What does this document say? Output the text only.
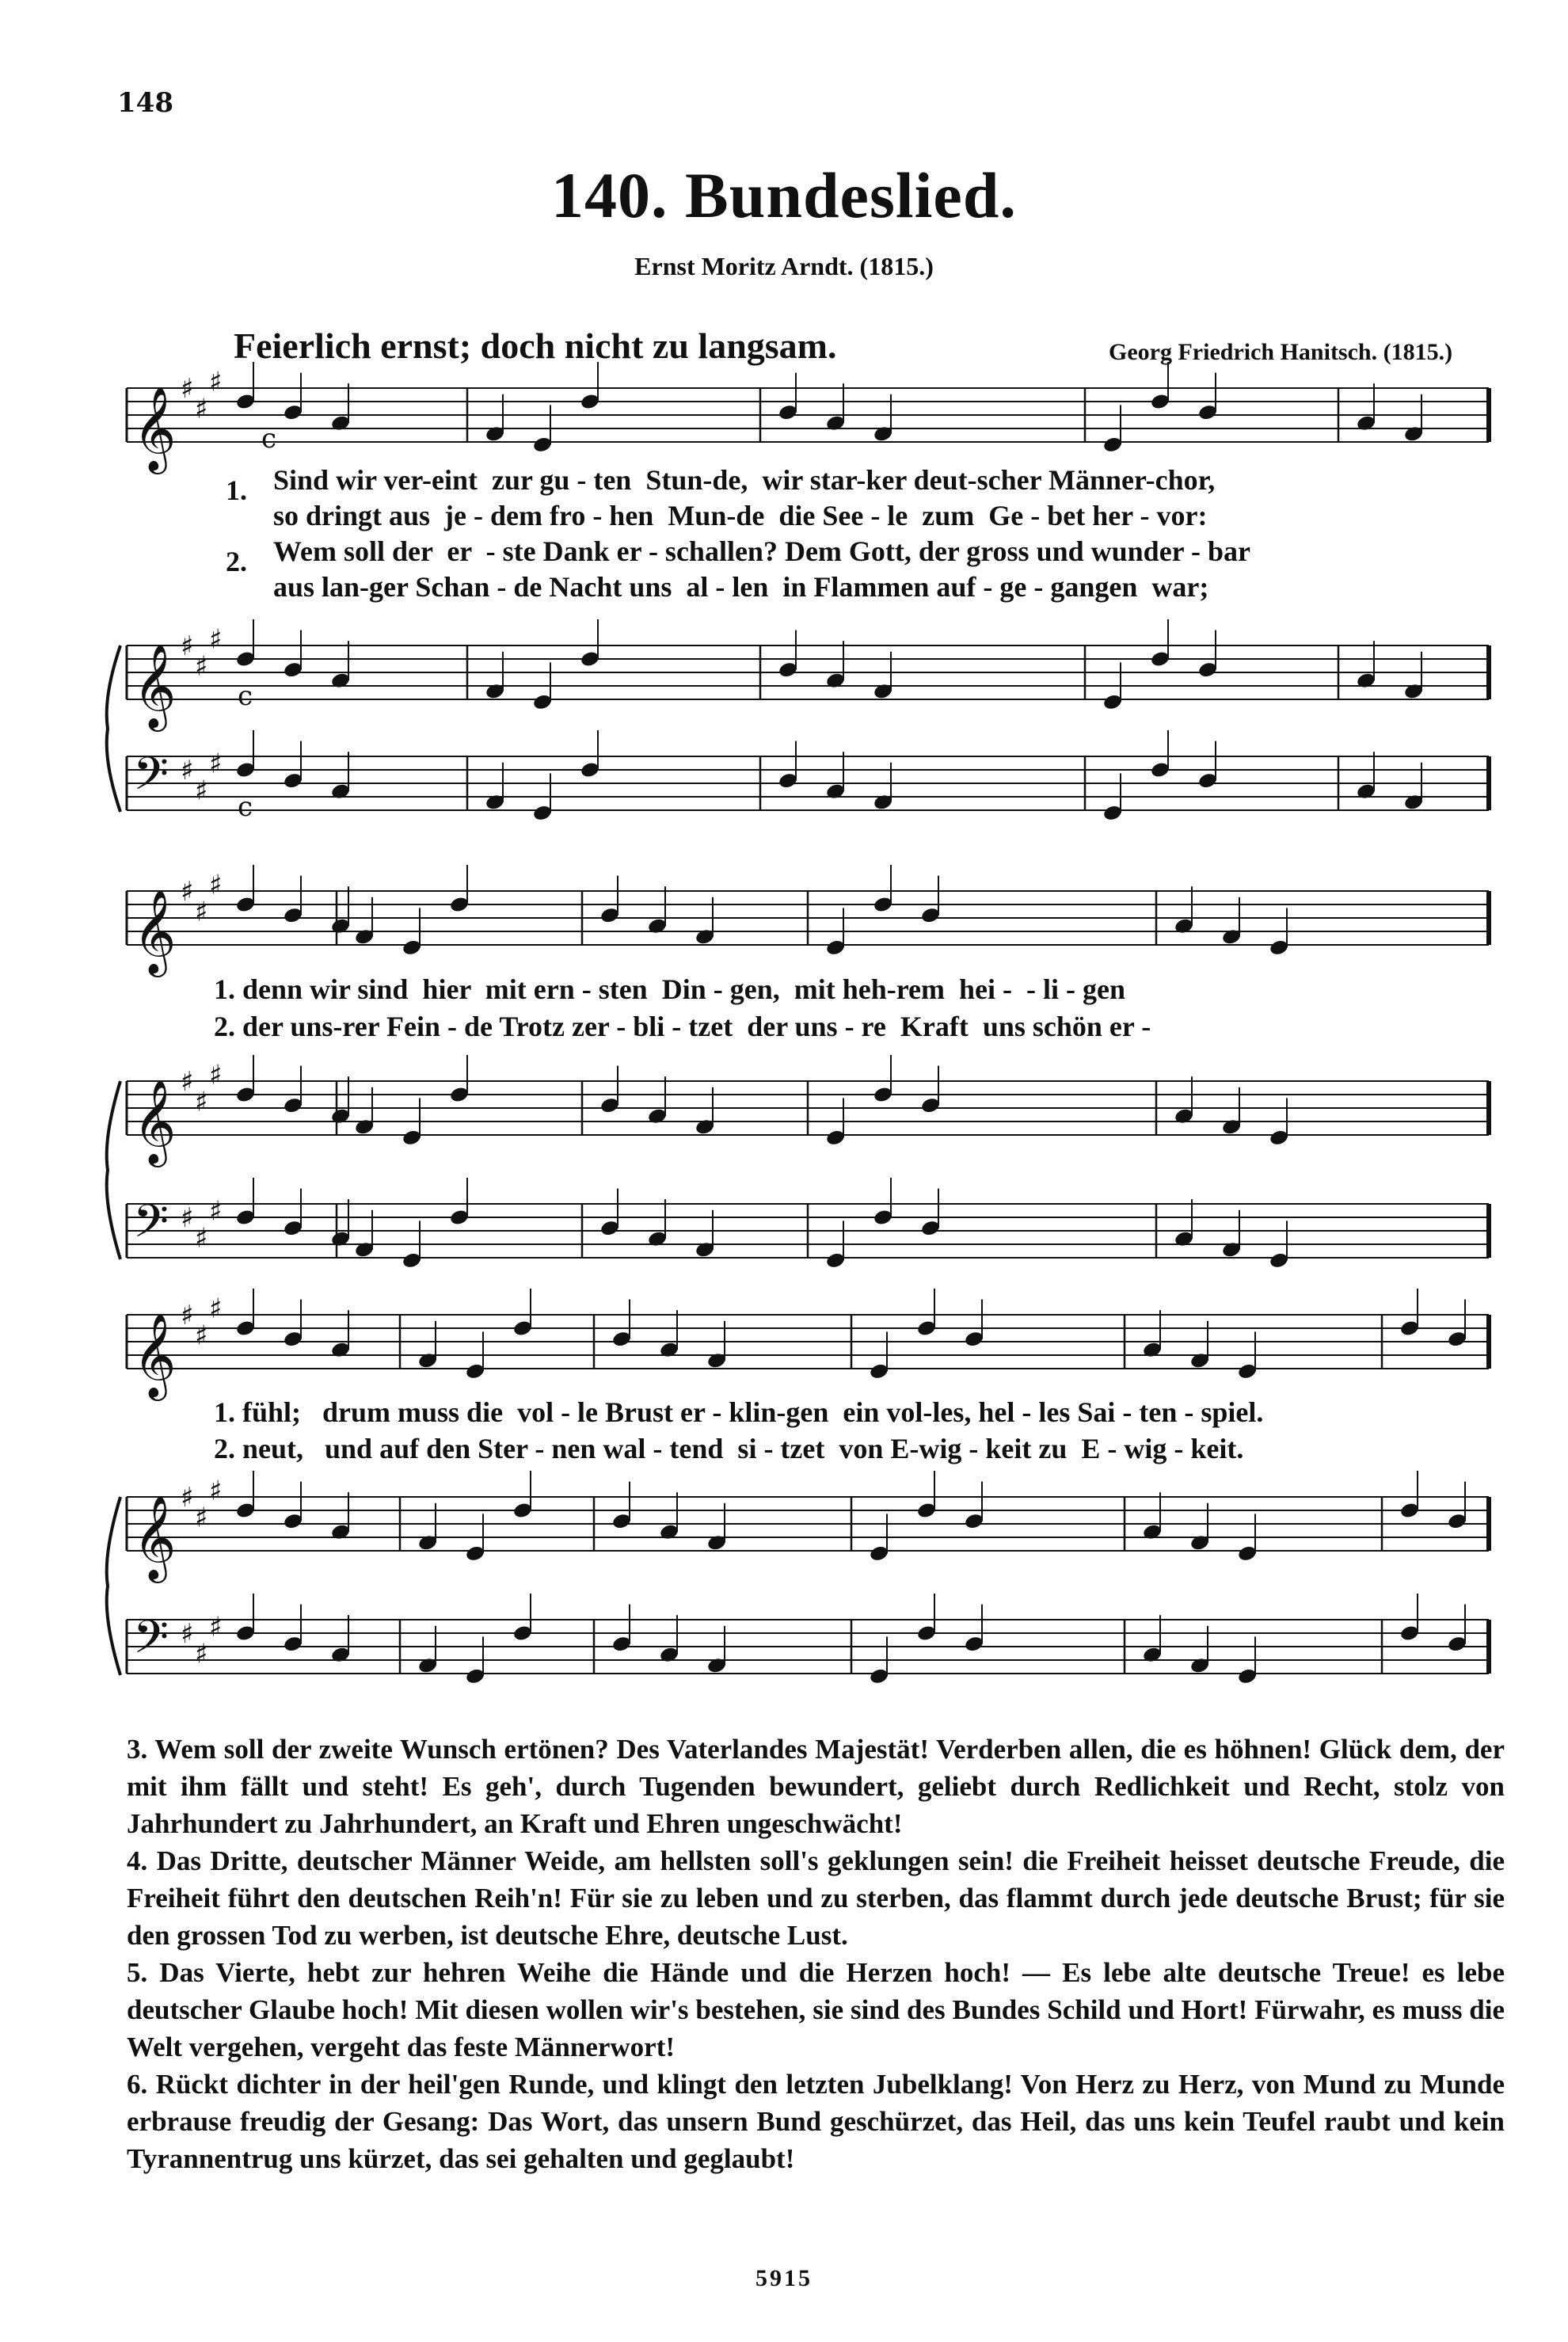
148
140. Bundeslied.
Ernst Moritz Arndt. (1815.)
Feierlich ernst; doch nicht zu langsam.	Georg Friedrich Hanitsch. (1815.)
𝄞 ♯
♯
♯
𝄞 ♯
♯
♯
𝄢 ♯
♯
♯
c
c
c
𝄞 ♯
♯
♯
𝄞 ♯
♯
♯
𝄢 ♯
♯
♯
𝄞 ♯
♯
♯
𝄞 ♯
♯
♯
𝄢 ♯
♯
♯
1.
2.
Sind wir ver-eint  zur gu - ten  Stun-de,  wir star-ker deut-scher Männer-chor,
so dringt aus  je - dem fro - hen  Mun-de  die See - le  zum  Ge - bet her - vor:
Wem soll der  er  - ste Dank er - schallen? Dem Gott, der gross und wunder - bar
aus lan-ger Schan - de Nacht uns  al - len  in Flammen auf - ge - gangen  war;
1. denn wir sind  hier  mit ern - sten  Din - gen,  mit heh-rem  hei -  - li - gen
2. der uns-rer Fein - de Trotz zer - bli - tzet  der uns - re  Kraft  uns schön er -
1. fühl;   drum muss die  vol - le Brust er - klin-gen  ein vol-les, hel - les Sai - ten - spiel.
2. neut,   und auf den Ster - nen wal - tend  si - tzet  von E-wig - keit zu  E - wig - keit.

3. Wem soll der zweite Wunsch ertönen? Des Vaterlandes Majestät! Verderben allen, die es höhnen! Glück dem, der mit ihm fällt und steht! Es geh', durch Tugenden bewundert, geliebt durch Redlichkeit und Recht, stolz von Jahrhundert zu Jahrhundert, an Kraft und Ehren ungeschwächt!

4. Das Dritte, deutscher Männer Weide, am hellsten soll's geklungen sein! die Freiheit heisset deutsche Freude, die Freiheit führt den deutschen Reih'n! Für sie zu leben und zu sterben, das flammt durch jede deutsche Brust; für sie den grossen Tod zu werben, ist deutsche Ehre, deutsche Lust.

5. Das Vierte, hebt zur hehren Weihe die Hände und die Herzen hoch! — Es lebe alte deutsche Treue! es lebe deutscher Glaube hoch! Mit diesen wollen wir's bestehen, sie sind des Bundes Schild und Hort! Fürwahr, es muss die Welt vergehen, vergeht das feste Männerwort!

6. Rückt dichter in der heil'gen Runde, und klingt den letzten Jubelklang! Von Herz zu Herz, von Mund zu Munde erbrause freudig der Gesang: Das Wort, das unsern Bund geschürzet, das Heil, das uns kein Teufel raubt und kein Tyrannentrug uns kürzet, das sei gehalten und geglaubt!

5915
